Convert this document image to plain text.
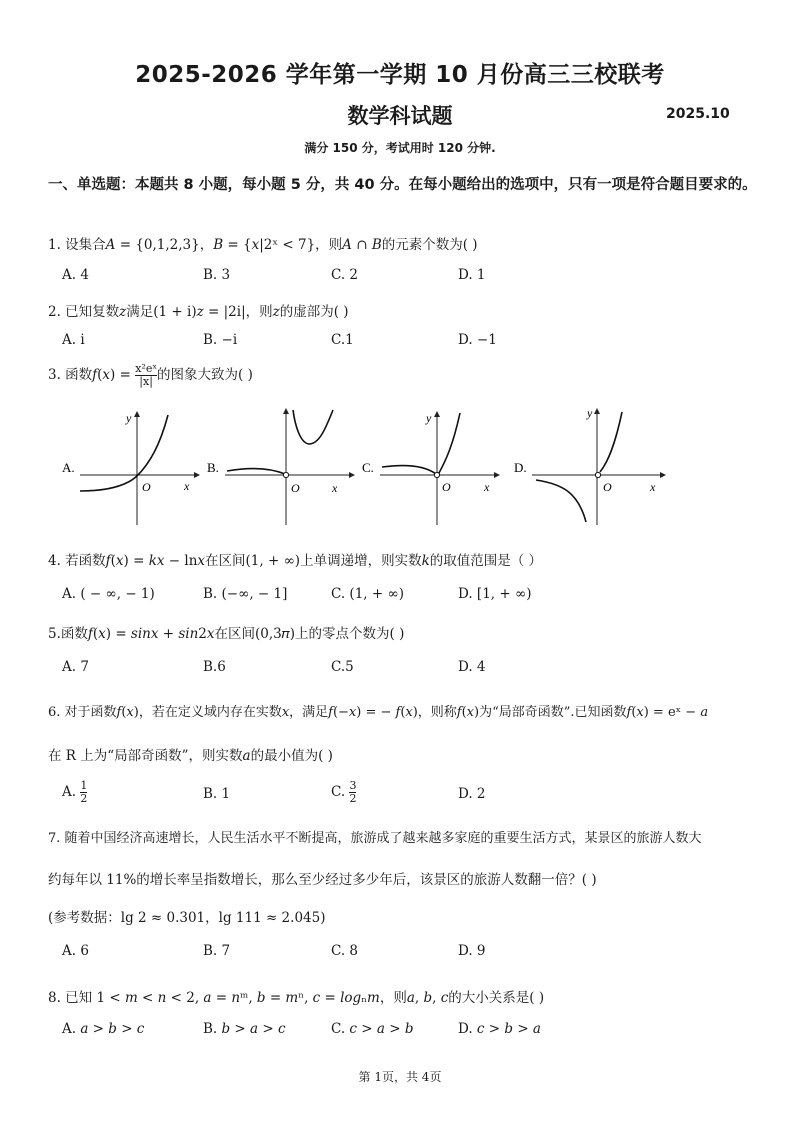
2025-2026 学年第一学期 10 月份高三三校联考
数学科试题	2025.10
满分 150 分，考试用时 120 分钟.
一、单选题：本题共 8 小题，每小题 5 分，共 40 分。在每小题给出的选项中，只有一项是符合题目要求的。
1. 设集合𝐴 = {0,1,2,3}，𝐵 = {𝑥|2ˣ < 7}，则𝐴 ∩ 𝐵的元素个数为( )
A. 4	B. 3	C. 2	D. 1
2. 已知复数𝑧满足(1 + i)𝑧 = |2i|，则𝑧的虚部为( )
A. i	B. −i	C.1	D. −1
3. 函数𝑓(𝑥) = $\frac{\text{x²eˣ}}{|x|}$ 的图象大致为( )
A.
y
x
O
B.
O	x
C.
y
O	x
D.
y
O	x
4. 若函数𝑓(𝑥) = 𝑘𝑥 − ln𝑥在区间(1, + ∞)上单调递增，则实数𝑘的取值范围是（ ）
A. ( − ∞, − 1)	B. (−∞, − 1]	C. (1, + ∞)	D. [1, + ∞)
5.函数𝑓(𝑥) = 𝑠𝑖𝑛𝑥 + 𝑠𝑖𝑛2𝑥在区间(0,3𝜋)上的零点个数为( )
A. 7	B.6	C.5	D. 4
6. 对于函数𝑓(𝑥)，若在定义域内存在实数𝑥，满足𝑓(−𝑥) = − 𝑓(𝑥)，则称𝑓(𝑥)为“局部奇函数”.已知函数𝑓(𝑥) = eˣ − 𝑎
在 R 上为“局部奇函数”，则实数𝑎的最小值为( )
A. $\frac{1}{2}$	B. 1	C. $\frac{3}{2}$	D. 2
7. 随着中国经济高速增长，人民生活水平不断提高，旅游成了越来越多家庭的重要生活方式，某景区的旅游人数大
约每年以 11%的增长率呈指数增长，那么至少经过多少年后，该景区的旅游人数翻一倍？( )
(参考数据：lg 2 ≈ 0.301，lg 111 ≈ 2.045)
A. 6	B. 7	C. 8	D. 9
8. 已知 1 < 𝑚 < 𝑛 < 2, 𝑎 = 𝑛ᵐ, 𝑏 = 𝑚ⁿ, 𝑐 = 𝑙𝑜𝑔ₙ𝑚，则𝑎, 𝑏, 𝑐的大小关系是( )
A. 𝑎 > 𝑏 > 𝑐	B. 𝑏 > 𝑎 > 𝑐	C. 𝑐 > 𝑎 > 𝑏	D. 𝑐 > 𝑏 > 𝑎
第 1页，共 4页
